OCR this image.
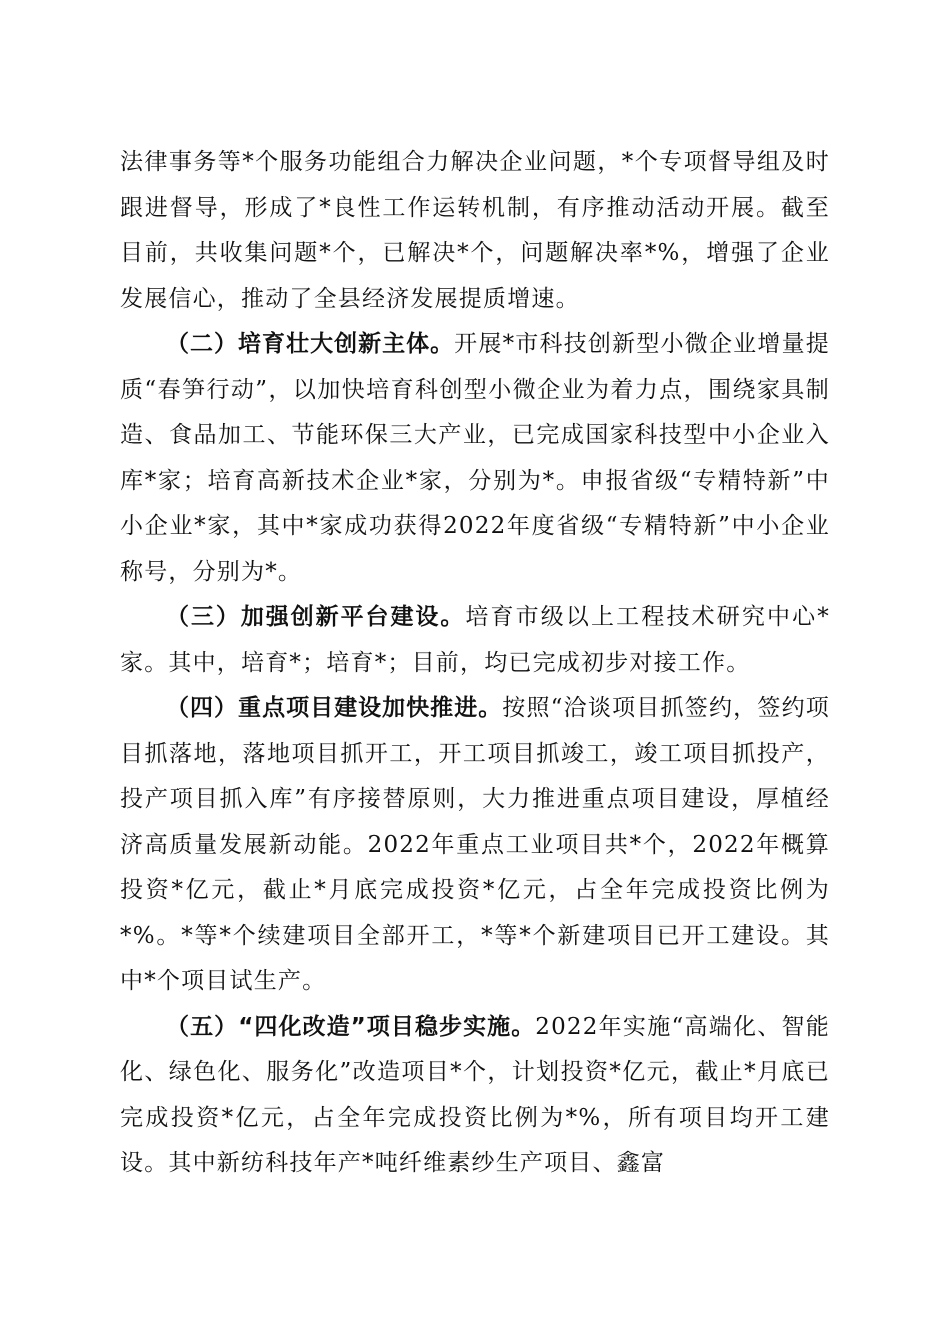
法律事务等*个服务功能组合力解决企业问题，*个专项督导组及时跟进督导，形成了*良性工作运转机制，有序推动活动开展。截至目前，共收集问题*个，已解决*个，问题解决率*%，增强了企业发展信心，推动了全县经济发展提质增速。

（二）培育壮大创新主体。开展*市科技创新型小微企业增量提质“春笋行动”，以加快培育科创型小微企业为着力点，围绕家具制造、食品加工、节能环保三大产业，已完成国家科技型中小企业入库*家；培育高新技术企业*家，分别为*。申报省级“专精特新”中小企业*家，其中*家成功获得2022年度省级“专精特新”中小企业称号，分别为*。

（三）加强创新平台建设。培育市级以上工程技术研究中心*家。其中，培育*；培育*；目前，均已完成初步对接工作。

（四）重点项目建设加快推进。按照“洽谈项目抓签约，签约项目抓落地，落地项目抓开工，开工项目抓竣工，竣工项目抓投产，投产项目抓入库”有序接替原则，大力推进重点项目建设，厚植经济高质量发展新动能。2022年重点工业项目共*个，2022年概算投资*亿元，截止*月底完成投资*亿元，占全年完成投资比例为*%。*等*个续建项目全部开工，*等*个新建项目已开工建设。其中*个项目试生产。

（五）“四化改造”项目稳步实施。2022年实施“高端化、智能化、绿色化、服务化”改造项目*个，计划投资*亿元，截止*月底已完成投资*亿元，占全年完成投资比例为*%，所有项目均开工建设。其中新纺科技年产*吨纤维素纱生产项目、鑫富
